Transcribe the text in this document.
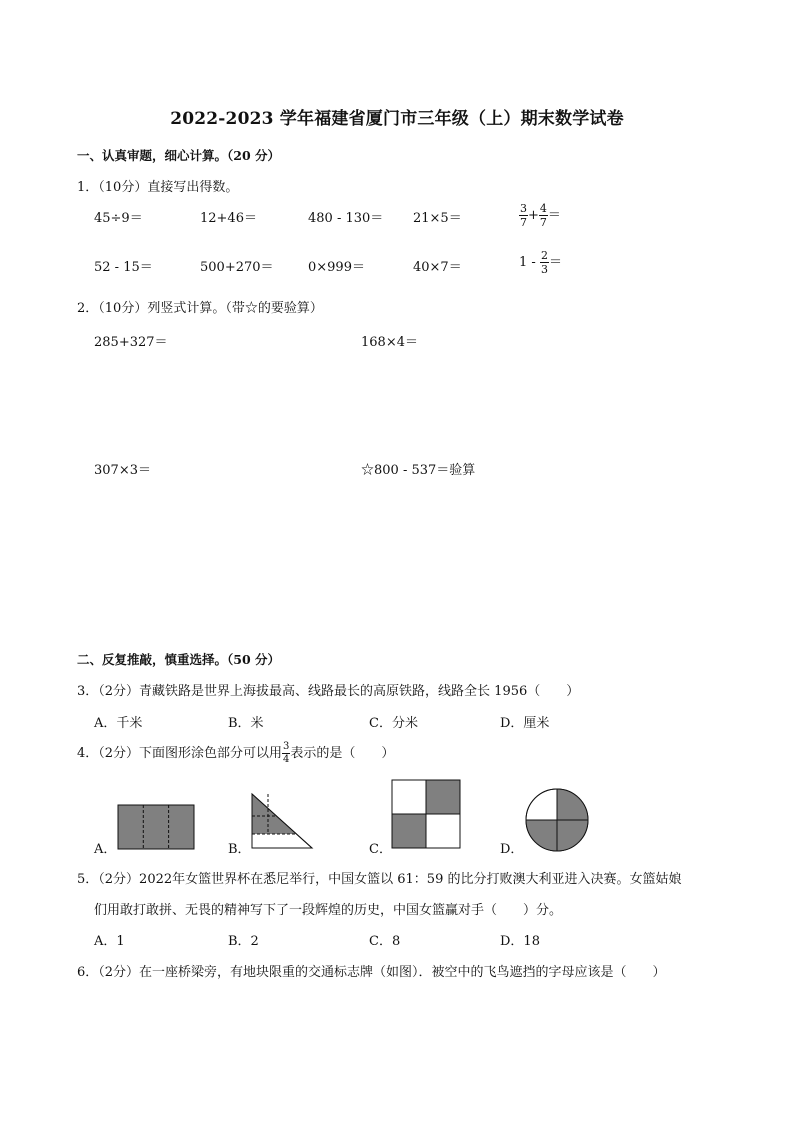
2022-2023 学年福建省厦门市三年级（上）期末数学试卷
一、认真审题，细心计算。（20 分）
1．（10分）直接写出得数。
45÷9＝	12+46＝	480 - 130＝ 21×5＝	$\frac{3}{7} + \frac{4}{7}$ ＝
52 - 15＝	500+270＝	0×999＝	40×7＝	$1 - \frac{2}{3}$ ＝
2．（10分）列竖式计算。（带☆的要验算）
285+327＝	168×4＝
307×3＝	☆800 - 537＝验算
二、反复推敲，慎重选择。（50 分）
3．（2分）青藏铁路是世界上海拔最高、线路最长的高原铁路，线路全长 1956（　　）
A．千米	B．米	C．分米	D．厘米
4．（2分）下面图形涂色部分可以用 $\frac{3}{4}$ 表示的是（　　）
A．	B．	C．	D．
5．（2分）2022年女篮世界杯在悉尼举行，中国女篮以 61：59 的比分打败澳大利亚进入决赛。女篮姑娘
们用敢打敢拼、无畏的精神写下了一段辉煌的历史，中国女篮赢对手（　　）分。
A．1	B．2	C．8	D．18
6．（2分）在一座桥梁旁，有地块限重的交通标志牌（如图）．被空中的飞鸟遮挡的字母应该是（　　）
